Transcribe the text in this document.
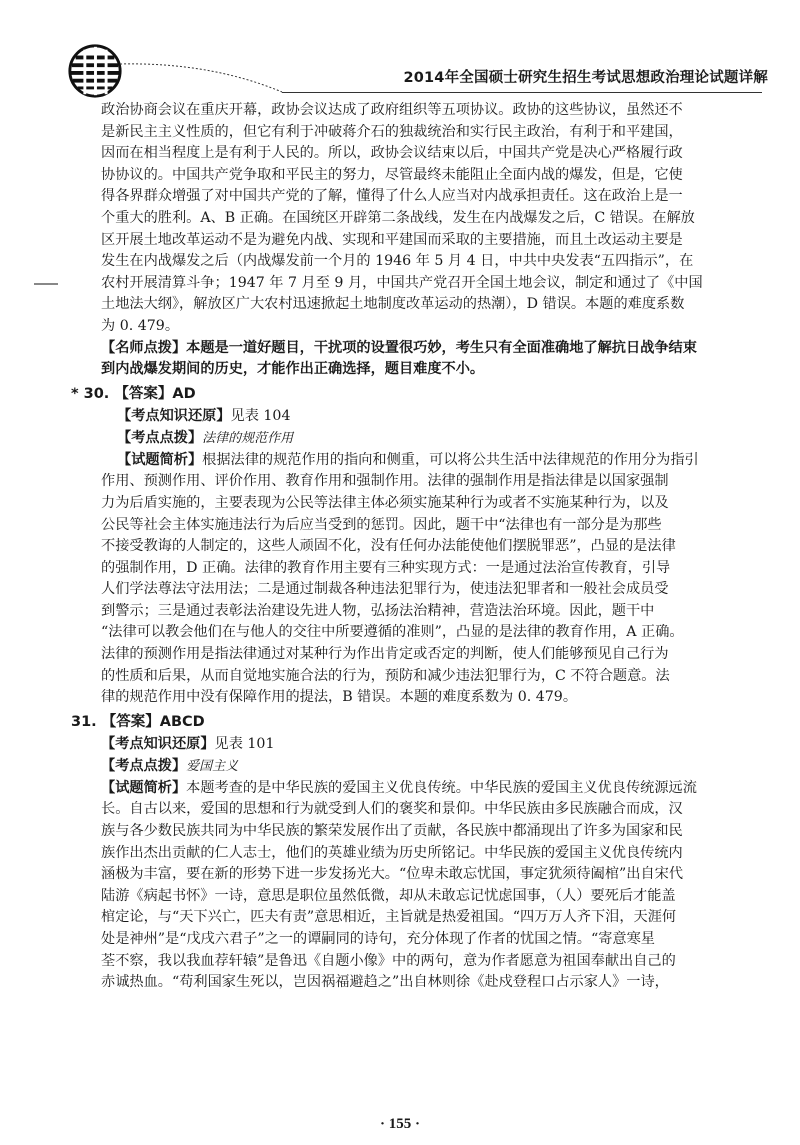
2014年全国硕士研究生招生考试思想政治理论试题详解

政治协商会议在重庆开幕，政协会议达成了政府组织等五项协议。政协的这些协议，虽然还不

是新民主主义性质的，但它有利于冲破蒋介石的独裁统治和实行民主政治，有利于和平建国，

因而在相当程度上是有利于人民的。所以，政协会议结束以后，中国共产党是决心严格履行政

协协议的。中国共产党争取和平民主的努力，尽管最终未能阻止全面内战的爆发，但是，它使

得各界群众增强了对中国共产党的了解，懂得了什么人应当对内战承担责任。这在政治上是一

个重大的胜利。A、B 正确。在国统区开辟第二条战线，发生在内战爆发之后，C 错误。在解放

区开展土地改革运动不是为避免内战、实现和平建国而采取的主要措施，而且土改运动主要是

发生在内战爆发之后（内战爆发前一个月的 1946 年 5 月 4 日，中共中央发表“五四指示”，在

农村开展清算斗争；1947 年 7 月至 9 月，中国共产党召开全国土地会议，制定和通过了《中国

土地法大纲》，解放区广大农村迅速掀起土地制度改革运动的热潮），D 错误。本题的难度系数

为 0. 479。

【名师点拨】本题是一道好题目，干扰项的设置很巧妙，考生只有全面准确地了解抗日战争结束

到内战爆发期间的历史，才能作出正确选择，题目难度不小。

* 30. 【答案】AD

【考点知识还原】见表 104

【考点点拨】法律的规范作用

【试题简析】根据法律的规范作用的指向和侧重，可以将公共生活中法律规范的作用分为指引

作用、预测作用、评价作用、教育作用和强制作用。法律的强制作用是指法律是以国家强制

力为后盾实施的，主要表现为公民等法律主体必须实施某种行为或者不实施某种行为，以及

公民等社会主体实施违法行为后应当受到的惩罚。因此，题干中“法律也有一部分是为那些

不接受教诲的人制定的，这些人顽固不化，没有任何办法能使他们摆脱罪恶”，凸显的是法律

的强制作用，D 正确。法律的教育作用主要有三种实现方式：一是通过法治宣传教育，引导

人们学法尊法守法用法；二是通过制裁各种违法犯罪行为，使违法犯罪者和一般社会成员受

到警示；三是通过表彰法治建设先进人物，弘扬法治精神，营造法治环境。因此，题干中

“法律可以教会他们在与他人的交往中所要遵循的准则”，凸显的是法律的教育作用，A 正确。

法律的预测作用是指法律通过对某种行为作出肯定或否定的判断，使人们能够预见自己行为

的性质和后果，从而自觉地实施合法的行为，预防和减少违法犯罪行为，C 不符合题意。法

律的规范作用中没有保障作用的提法，B 错误。本题的难度系数为 0. 479。

31. 【答案】ABCD

【考点知识还原】见表 101

【考点点拨】爱国主义

【试题简析】本题考查的是中华民族的爱国主义优良传统。中华民族的爱国主义优良传统源远流

长。自古以来，爱国的思想和行为就受到人们的褒奖和景仰。中华民族由多民族融合而成，汉

族与各少数民族共同为中华民族的繁荣发展作出了贡献，各民族中都涌现出了许多为国家和民

族作出杰出贡献的仁人志士，他们的英雄业绩为历史所铭记。中华民族的爱国主义优良传统内

涵极为丰富，要在新的形势下进一步发扬光大。“位卑未敢忘忧国，事定犹须待阖棺”出自宋代

陆游《病起书怀》一诗，意思是职位虽然低微，却从未敢忘记忧虑国事，（人）要死后才能盖

棺定论，与“天下兴亡，匹夫有责”意思相近，主旨就是热爱祖国。“四万万人齐下泪，天涯何

处是神州”是“戊戌六君子”之一的谭嗣同的诗句，充分体现了作者的忧国之情。“寄意寒星

荃不察，我以我血荐轩辕”是鲁迅《自题小像》中的两句，意为作者愿意为祖国奉献出自己的

赤诚热血。“苟利国家生死以，岂因祸福避趋之”出自林则徐《赴戍登程口占示家人》一诗，

· 155 ·
